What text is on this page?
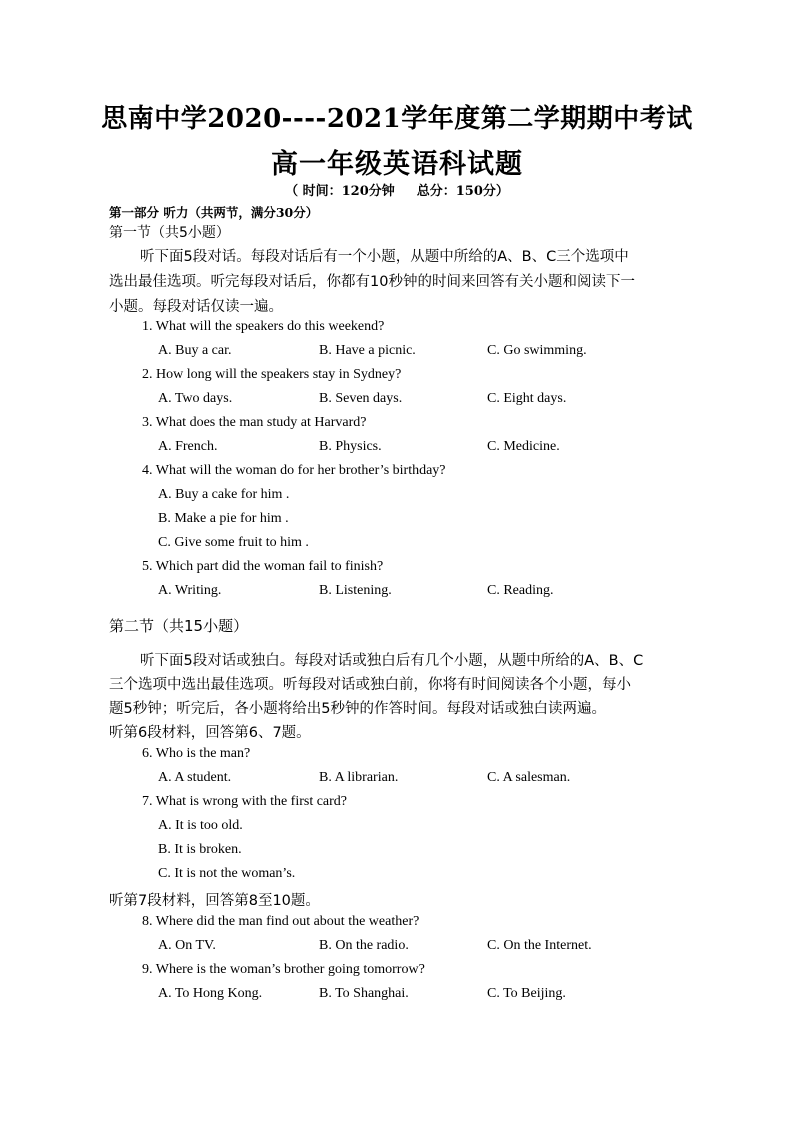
思南中学2020----2021学年度第二学期期中考试
高一年级英语科试题
（ 时间：120分钟 总分：150分）
第一部分 听力（共两节，满分30分）
第一节（共5小题）
听下面5段对话。每段对话后有一个小题，从题中所给的A、B、C三个选项中
选出最佳选项。听完每段对话后，你都有10秒钟的时间来回答有关小题和阅读下一
小题。每段对话仅读一遍。
1. What will the speakers do this weekend?
A. Buy a car.	B. Have a picnic.	C. Go swimming.
2. How long will the speakers stay in Sydney?
A. Two days.	B. Seven days.	C. Eight days.
3. What does the man study at Harvard?
A. French.	B. Physics.	C. Medicine.
4. What will the woman do for her brother’s birthday?
A. Buy a cake for him .
B. Make a pie for him .
C. Give some fruit to him .
5. Which part did the woman fail to finish?
A. Writing.	B. Listening.	C. Reading.
第二节（共15小题）
听下面5段对话或独白。每段对话或独白后有几个小题，从题中所给的A、B、C
三个选项中选出最佳选项。听每段对话或独白前，你将有时间阅读各个小题，每小
题5秒钟；听完后，各小题将给出5秒钟的作答时间。每段对话或独白读两遍。
听第6段材料，回答第6、7题。
6. Who is the man?
A. A student.	B. A librarian.	C. A salesman.
7. What is wrong with the first card?
A. It is too old.
B. It is broken.
C. It is not the woman’s.
听第7段材料，回答第8至10题。
8. Where did the man find out about the weather?
A. On TV.	B. On the radio.	C. On the Internet.
9. Where is the woman’s brother going tomorrow?
A. To Hong Kong.	B. To Shanghai.	C. To Beijing.
